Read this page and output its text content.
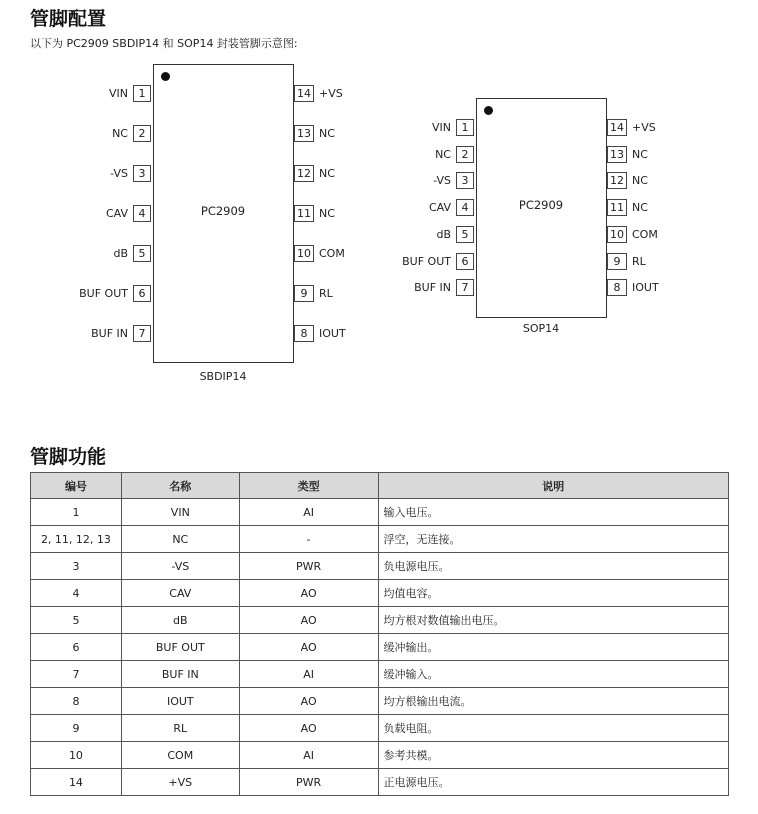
管脚配置
以下为 PC2909 SBDIP14 和 SOP14 封装管脚示意图:
PC2909
SBDIP14
1
VIN
2
NC
3
-VS
4
CAV
5
dB
6
BUF OUT
7
BUF IN
14 +VS
13 NC
12 NC
11 NC
10 COM
9	RL
8	IOUT
PC2909
SOP14
1
VIN
2
NC
3
-VS
4
CAV
5
dB
6
BUF OUT
7
BUF IN
14 +VS
13 NC
12 NC
11 NC
10 COM
9	RL
8	IOUT
管脚功能
编号	名称	类型	说明
1	VIN	AI	输入电压。
2, 11, 12, 13	NC	-	浮空，无连接。
3	-VS	PWR	负电源电压。
4	CAV	AO	均值电容。
5	dB	AO	均方根对数值输出电压。
6	BUF OUT	AO	缓冲输出。
7	BUF IN	AI	缓冲输入。
8	IOUT	AO	均方根输出电流。
9	RL	AO	负载电阻。
10	COM	AI	参考共模。
14	+VS	PWR	正电源电压。
